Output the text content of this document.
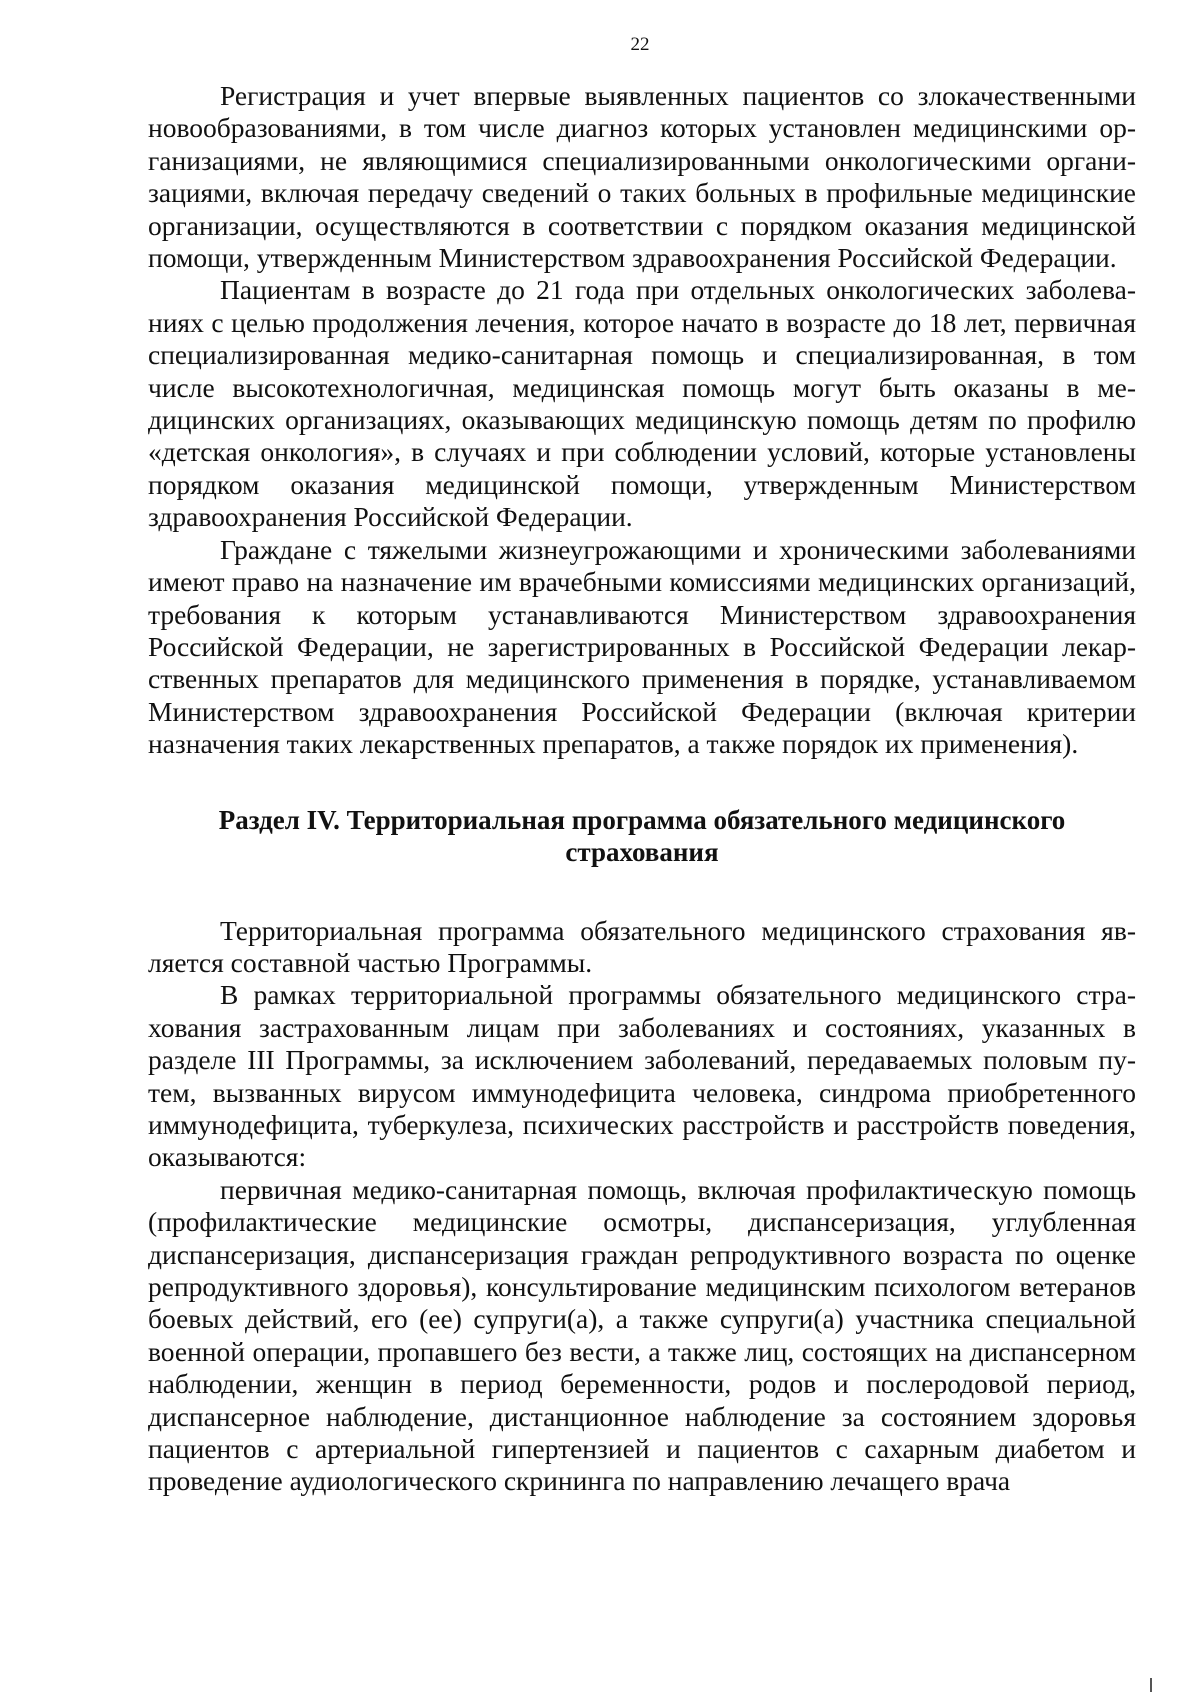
22

Регистрация и учет впервые выявленных пациентов со злокачественными новообразованиями, в том числе диагноз которых установлен медицинскими организациями, не являющимися специализированными онкологическими организациями, включая передачу сведений о таких больных в профильные медицинские организации, осуществляются в соответствии с порядком оказания медицинской помощи, утвержденным Министерством здравоохранения Российской Федерации.

Пациентам в возрасте до 21 года при отдельных онкологических заболеваниях с целью продолжения лечения, которое начато в возрасте до 18 лет, первичная специализированная медико-санитарная помощь и специализированная, в том числе высокотехнологичная, медицинская помощь могут быть оказаны в медицинских организациях, оказывающих медицинскую помощь детям по профилю «детская онкология», в случаях и при соблюдении условий, которые установлены порядком оказания медицинской помощи, утвержденным Министерством здравоохранения Российской Федерации.

Граждане с тяжелыми жизнеугрожающими и хроническими заболеваниями имеют право на назначение им врачебными комиссиями медицинских организаций, требования к которым устанавливаются Министерством здравоохранения Российской Федерации, не зарегистрированных в Российской Федерации лекарственных препаратов для медицинского применения в порядке, устанавливаемом Министерством здравоохранения Российской Федерации (включая критерии назначения таких лекарственных препаратов, а также порядок их применения).

Раздел IV. Территориальная программа обязательного медицинского
страхования

Территориальная программа обязательного медицинского страхования является составной частью Программы.

В рамках территориальной программы обязательного медицинского страхования застрахованным лицам при заболеваниях и состояниях, указанных в разделе III Программы, за исключением заболеваний, передаваемых половым путем, вызванных вирусом иммунодефицита человека, синдрома приобретенного иммунодефицита, туберкулеза, психических расстройств и расстройств поведения, оказываются:

первичная медико-санитарная помощь, включая профилактическую помощь (профилактические медицинские осмотры, диспансеризация, углубленная диспансеризация, диспансеризация граждан репродуктивного возраста по оценке репродуктивного здоровья), консультирование медицинским психологом ветеранов боевых действий, его (ее) супруги(а), а также супруги(а) участника специальной военной операции, пропавшего без вести, а также лиц, состоящих на диспансерном наблюдении, женщин в период беременности, родов и послеродовой период, диспансерное наблюдение, дистанционное наблюдение за состоянием здоровья пациентов с артериальной гипертензией и пациентов с сахарным диабетом и проведение аудиологического скрининга по направлению лечащего врача
